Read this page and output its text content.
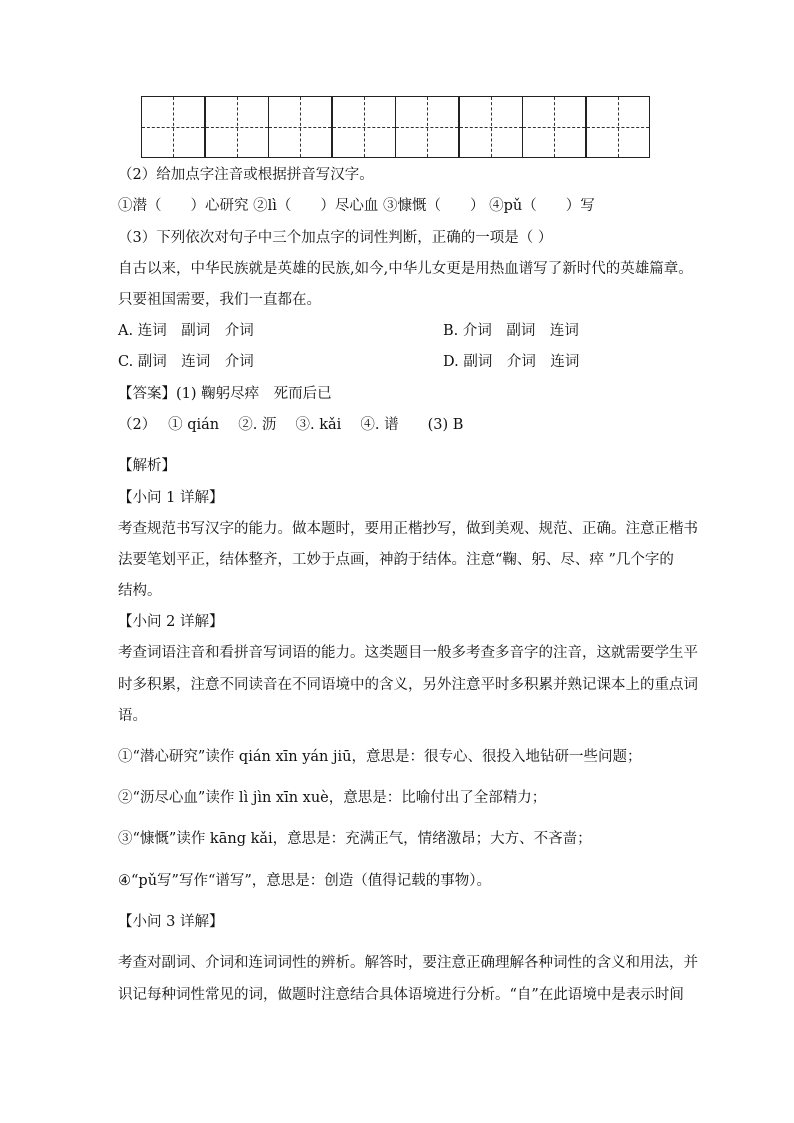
（2）给加点字注音或根据拼音写汉字。
①潜（　　）心研究 ②lì（　　）尽心血 ③慷慨（　　） ④pǔ（　　）写
（3）下列依次对句子中三个加点字的词性判断，正确的一项是（ ）
自古以来，中华民族就是英雄的民族,如今,中华儿女更是用热血谱写了新时代的英雄篇章。
只要祖国需要，我们一直都在。
A. 连词　副词　介词	B. 介词　副词　连词
C. 副词　连词　介词	D. 副词　介词　连词
【答案】(1) 鞠躬尽瘁　死而后已
（2）　 ① qián　 ②. 沥　 ③. kǎi　 ④. 谱　　(3) B
【解析】
【小问 1 详解】
考查规范书写汉字的能力。做本题时，要用正楷抄写，做到美观、规范、正确。注意正楷书
法要笔划平正，结体整齐，工妙于点画，神韵于结体。注意“鞠、躬、尽、瘁 ”几个字的
结构。
【小问 2 详解】
考查词语注音和看拼音写词语的能力。这类题目一般多考查多音字的注音，这就需要学生平
时多积累，注意不同读音在不同语境中的含义，另外注意平时多积累并熟记课本上的重点词
语。
①“潜心研究”读作 qián xīn yán jiū，意思是：很专心、很投入地钻研一些问题；
②“沥尽心血”读作 lì jìn xīn xuè，意思是：比喻付出了全部精力；
③“慷慨”读作 kāng kǎi，意思是：充满正气，情绪激昂；大方、不吝啬；
④“pǔ写”写作“谱写”，意思是：创造（值得记载的事物）。
【小问 3 详解】
考查对副词、介词和连词词性的辨析。解答时，要注意正确理解各种词性的含义和用法，并
识记每种词性常见的词，做题时注意结合具体语境进行分析。“自”在此语境中是表示时间
